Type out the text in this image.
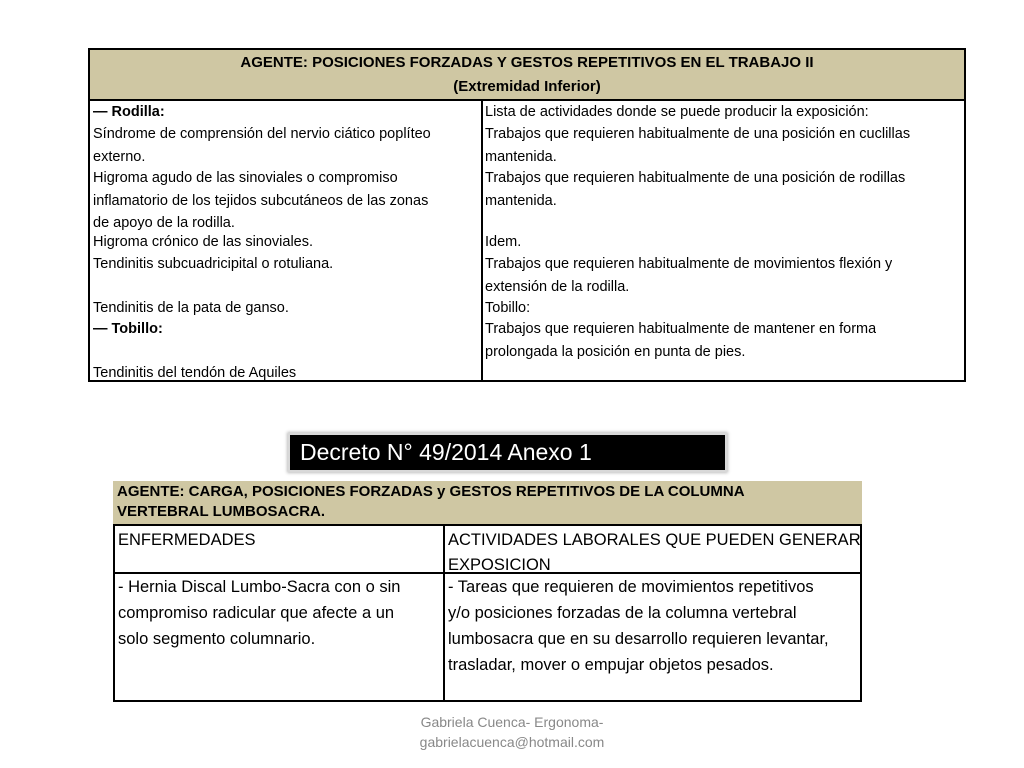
AGENTE: POSICIONES FORZADAS Y GESTOS REPETITIVOS EN EL TRABAJO II
(Extremidad Inferior)
— Rodilla:
Síndrome de comprensión del nervio ciático poplíteo
externo.
Higroma agudo de las sinoviales o compromiso
inflamatorio de los tejidos subcutáneos de las zonas
de apoyo de la rodilla.
Higroma crónico de las sinoviales.
Tendinitis subcuadricipital o rotuliana.
Tendinitis de la pata de ganso.
— Tobillo:
Tendinitis del tendón de Aquiles
Lista de actividades donde se puede producir la exposición:
Trabajos que requieren habitualmente de una posición en cuclillas
mantenida.
Trabajos que requieren habitualmente de una posición de rodillas
mantenida.
Idem.
Trabajos que requieren habitualmente de movimientos flexión y
extensión de la rodilla.
Tobillo:
Trabajos que requieren habitualmente de mantener en forma
prolongada la posición en punta de pies.
Decreto N° 49/2014 Anexo 1
AGENTE: CARGA, POSICIONES FORZADAS y GESTOS REPETITIVOS DE LA COLUMNA
VERTEBRAL LUMBOSACRA.
ENFERMEDADES	ACTIVIDADES LABORALES QUE PUEDEN GENERAR
EXPOSICION
- Hernia Discal Lumbo-Sacra con o sin
compromiso radicular que afecte a un
solo segmento columnario.
- Tareas que requieren de movimientos repetitivos
y/o posiciones forzadas de la columna vertebral
lumbosacra que en su desarrollo requieren levantar,
trasladar, mover o empujar objetos pesados.
Gabriela Cuenca- Ergonoma-
gabrielacuenca@hotmail.com
